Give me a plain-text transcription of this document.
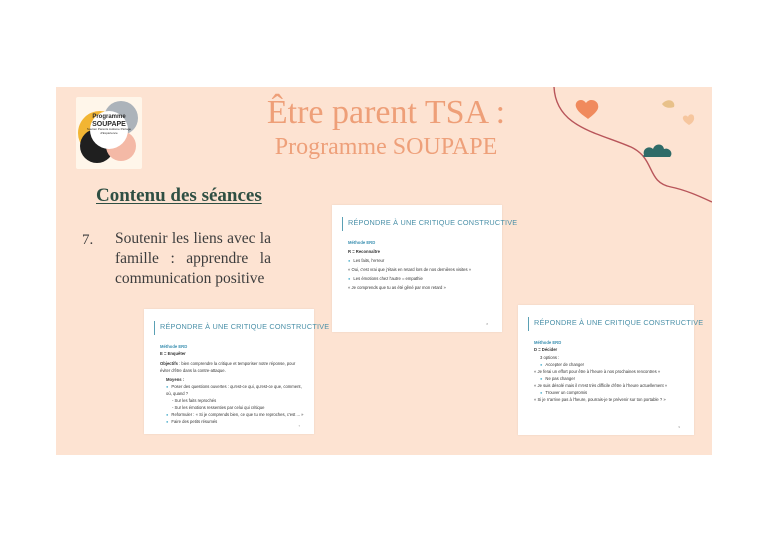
Programme
SOUPAPE
Soutien Parents Autisme Partage d'Expérience
Être parent TSA :
Programme SOUPAPE
Contenu des séances
7. Soutenir les liens avec la famille : apprendre la communication positive
RÉPONDRE À UNE CRITIQUE CONSTRUCTIVE
Méthode ERD
E = Enquêter
Objectifs : bien comprendre la critique et temporiser notre réponse, pour éviter d'être dans la contre-attaque.
Moyens :
● Poser des questions ouvertes : qu'est-ce qui, qu'est-ce que, comment, où, quand ?
- Sur les faits reprochés
- Sur les émotions ressenties par celui qui critique
● Reformuler : « Si je comprends bien, ce que tu me reproches, c'est ... »
● Faire des petits résumés
7
RÉPONDRE À UNE CRITIQUE CONSTRUCTIVE
Méthode ERD
R = Reconnaître
● Les faits, l'erreur
« Oui, c'est vrai que j'étais en retard lors de nos dernières visites »
● Les émotions chez l'autre = empathie
« Je comprends que tu as été gêné par mon retard »
8	RÉPONDRE À UNE CRITIQUE CONSTRUCTIVE
Méthode ERD
D = Décider
3 options :
● Accepter de changer
« Je ferai un effort pour être à l'heure à nos prochaines rencontres »
● Ne pas changer
« Je suis désolé mais il m'est très difficile d'être à l'heure actuellement »
● Trouver un compromis
« Si je n'arrive pas à l'heure, pourrais-je te prévenir sur ton portable ? »
9
